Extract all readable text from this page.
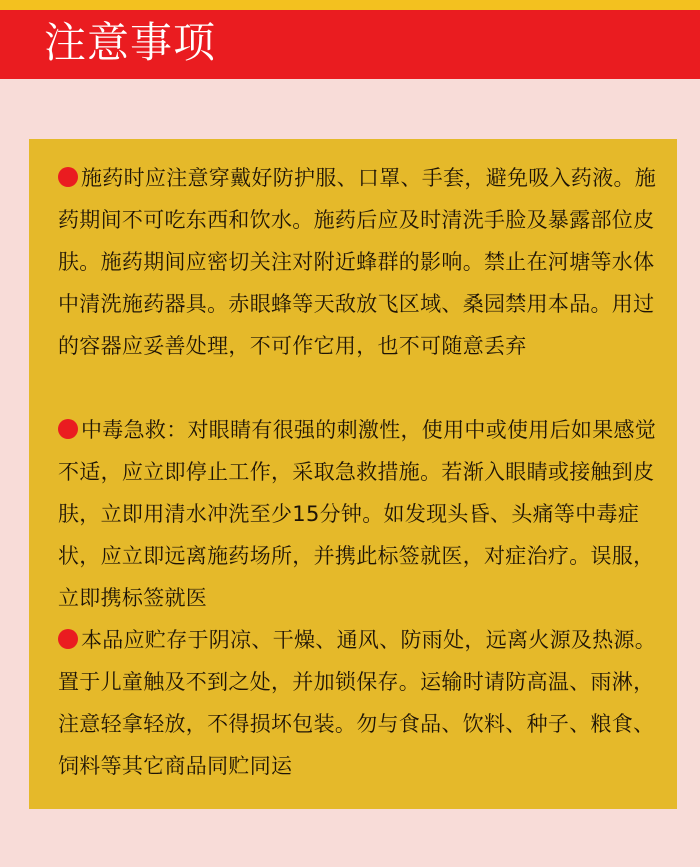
注意事项
施药时应注意穿戴好防护服、口罩、手套，避免吸入药液。施药期间不可吃东西和饮水。施药后应及时清洗手脸及暴露部位皮肤。施药期间应密切关注对附近蜂群的影响。禁止在河塘等水体中清洗施药器具。赤眼蜂等天敌放飞区域、桑园禁用本品。用过的容器应妥善处理，不可作它用，也不可随意丢弃
中毒急救：对眼睛有很强的刺激性，使用中或使用后如果感觉不适，应立即停止工作，采取急救措施。若渐入眼睛或接触到皮肤，立即用清水冲洗至少15分钟。如发现头昏、头痛等中毒症状，应立即远离施药场所，并携此标签就医，对症治疗。误服，立即携标签就医
本品应贮存于阴凉、干燥、通风、防雨处，远离火源及热源。置于儿童触及不到之处，并加锁保存。运输时请防高温、雨淋，注意轻拿轻放，不得损坏包装。勿与食品、饮料、种子、粮食、饲料等其它商品同贮同运
